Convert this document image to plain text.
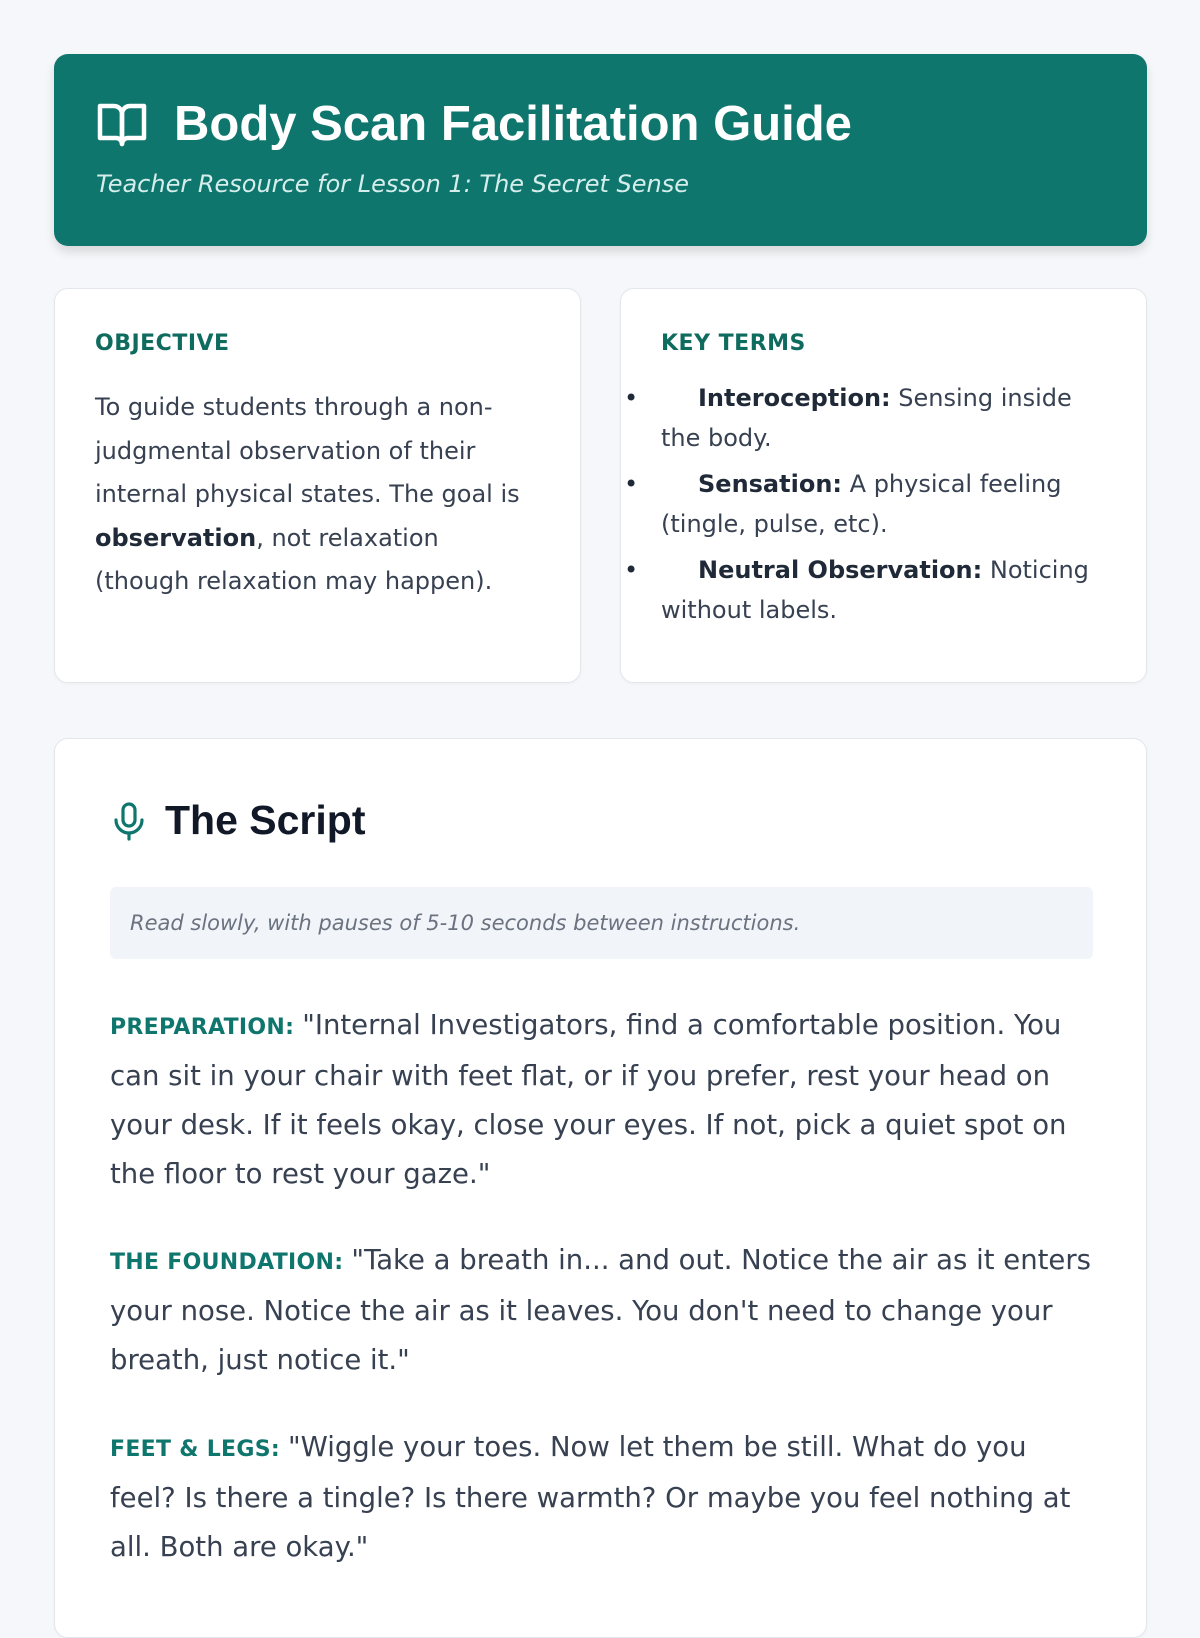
Body Scan Facilitation Guide
Teacher Resource for Lesson 1: The Secret Sense
OBJECTIVE
To guide students through a non-judgmental observation of their internal physical states. The goal is observation, not relaxation (though relaxation may happen).
KEY TERMS
• Interoception: Sensing inside the body.
• Sensation: A physical feeling (tingle, pulse, etc).
• Neutral Observation: Noticing without labels.
The Script
Read slowly, with pauses of 5-10 seconds between instructions.
PREPARATION: "Internal Investigators, find a comfortable position. You can sit in your chair with feet flat, or if you prefer, rest your head on your desk. If it feels okay, close your eyes. If not, pick a quiet spot on the floor to rest your gaze."
THE FOUNDATION: "Take a breath in... and out. Notice the air as it enters your nose. Notice the air as it leaves. You don't need to change your breath, just notice it."
FEET & LEGS: "Wiggle your toes. Now let them be still. What do you feel? Is there a tingle? Is there warmth? Or maybe you feel nothing at all. Both are okay."
